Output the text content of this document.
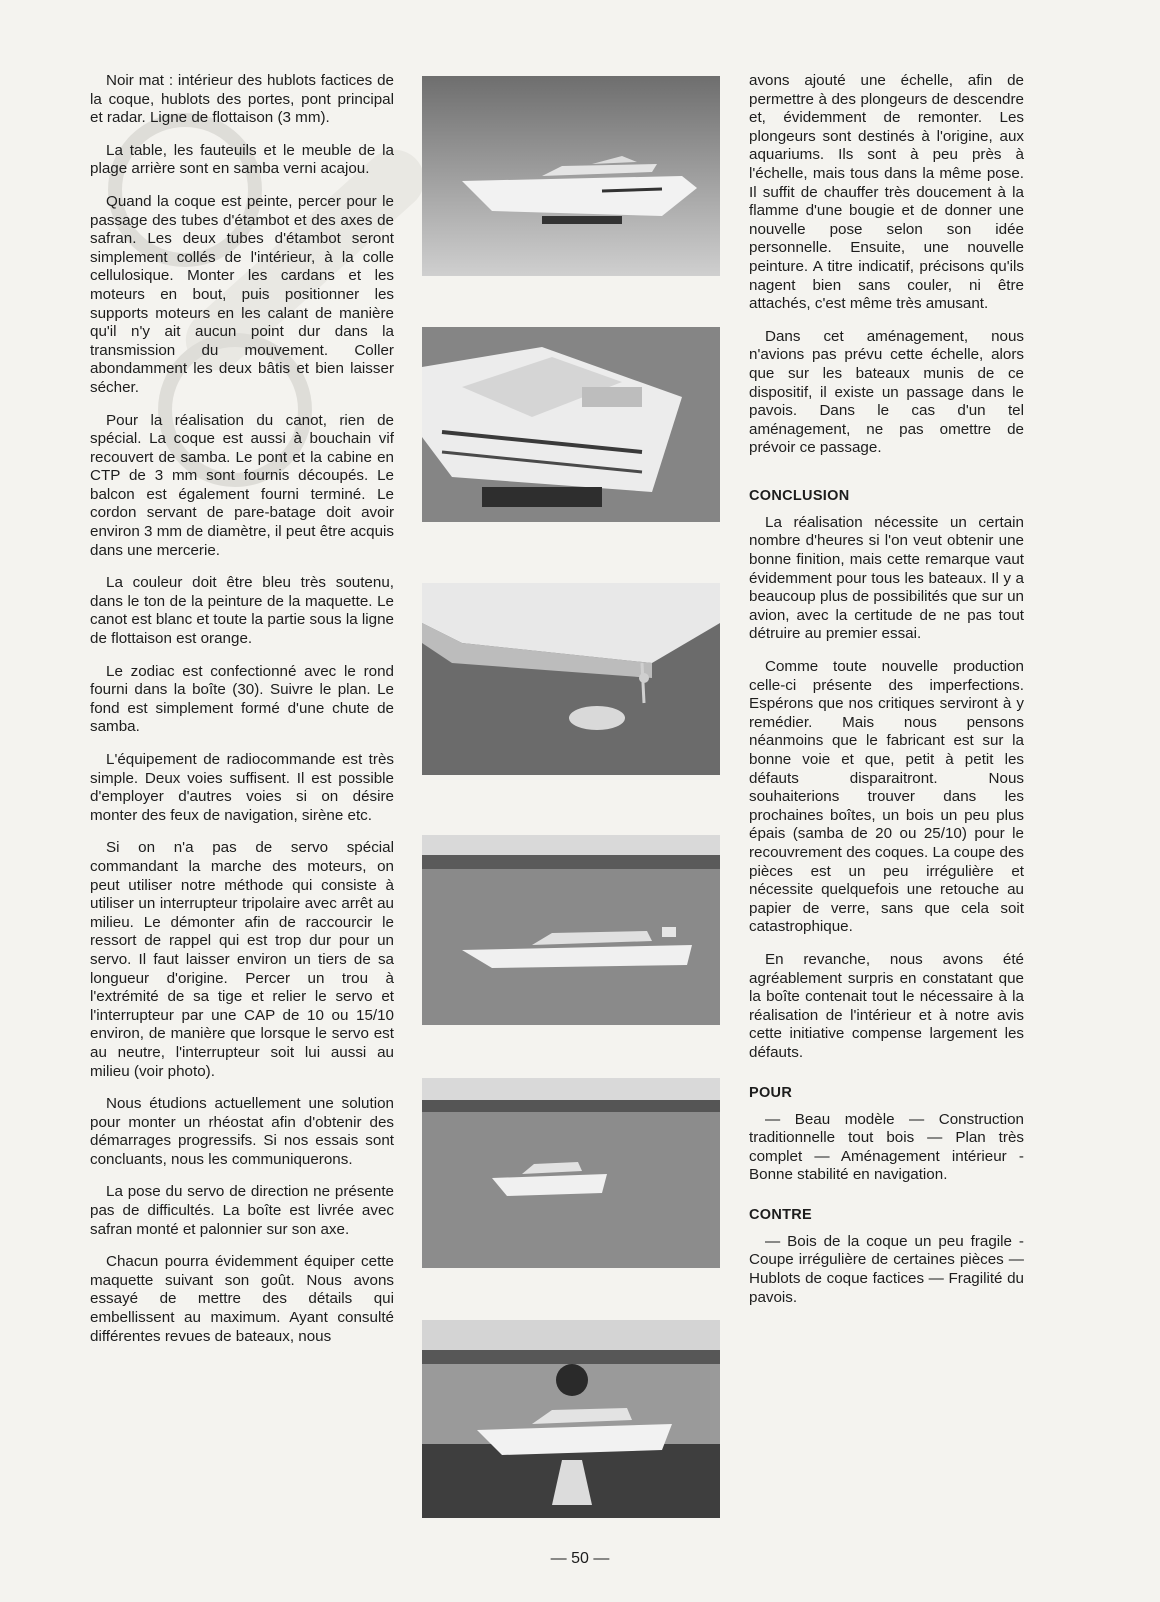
Noir mat : intérieur des hublots factices de la coque, hublots des portes, pont principal et radar. Ligne de flottaison (3 mm).

La table, les fauteuils et le meuble de la plage arrière sont en samba verni acajou.

Quand la coque est peinte, percer pour le passage des tubes d'étambot et des axes de safran. Les deux tubes d'étambot seront simplement collés de l'intérieur, à la colle cellulosique. Monter les cardans et les moteurs en bout, puis positionner les supports moteurs en les calant de manière qu'il n'y ait aucun point dur dans la transmission du mouvement. Coller abondamment les deux bâtis et bien laisser sécher.

Pour la réalisation du canot, rien de spécial. La coque est aussi à bouchain vif recouvert de samba. Le pont et la cabine en CTP de 3 mm sont fournis découpés. Le balcon est également fourni terminé. Le cordon servant de pare-batage doit avoir environ 3 mm de diamètre, il peut être acquis dans une mercerie.

La couleur doit être bleu très soutenu, dans le ton de la peinture de la maquette. Le canot est blanc et toute la partie sous la ligne de flottaison est orange.

Le zodiac est confectionné avec le rond fourni dans la boîte (30). Suivre le plan. Le fond est simplement formé d'une chute de samba.

L'équipement de radiocommande est très simple. Deux voies suffisent. Il est possible d'employer d'autres voies si on désire monter des feux de navigation, sirène etc.

Si on n'a pas de servo spécial commandant la marche des moteurs, on peut utiliser notre méthode qui consiste à utiliser un interrupteur tripolaire avec arrêt au milieu. Le démonter afin de raccourcir le ressort de rappel qui est trop dur pour un servo. Il faut laisser environ un tiers de sa longueur d'origine. Percer un trou à l'extrémité de sa tige et relier le servo et l'interrupteur par une CAP de 10 ou 15/10 environ, de manière que lorsque le servo est au neutre, l'interrupteur soit lui aussi au milieu (voir photo).

Nous étudions actuellement une solution pour monter un rhéostat afin d'obtenir des démarrages progressifs. Si nos essais sont concluants, nous les communiquerons.

La pose du servo de direction ne présente pas de difficultés. La boîte est livrée avec safran monté et palonnier sur son axe.

Chacun pourra évidemment équiper cette maquette suivant son goût. Nous avons essayé de mettre des détails qui embellissent au maximum. Ayant consulté différentes revues de bateaux, nous

avons ajouté une échelle, afin de permettre à des plongeurs de descendre et, évidemment de remonter. Les plongeurs sont destinés à l'origine, aux aquariums. Ils sont à peu près à l'échelle, mais tous dans la même pose. Il suffit de chauffer très doucement à la flamme d'une bougie et de donner une nouvelle pose selon son idée personnelle. Ensuite, une nouvelle peinture. A titre indicatif, précisons qu'ils nagent bien sans couler, ni être attachés, c'est même très amusant.

Dans cet aménagement, nous n'avions pas prévu cette échelle, alors que sur les bateaux munis de ce dispositif, il existe un passage dans le pavois. Dans le cas d'un tel aménagement, ne pas omettre de prévoir ce passage.

CONCLUSION

La réalisation nécessite un certain nombre d'heures si l'on veut obtenir une bonne finition, mais cette remarque vaut évidemment pour tous les bateaux. Il y a beaucoup plus de possibilités que sur un avion, avec la certitude de ne pas tout détruire au premier essai.

Comme toute nouvelle production celle-ci présente des imperfections. Espérons que nos critiques serviront à y remédier. Mais nous pensons néanmoins que le fabricant est sur la bonne voie et que, petit à petit les défauts disparaitront. Nous souhaiterions trouver dans les prochaines boîtes, un bois un peu plus épais (samba de 20 ou 25/10) pour le recouvrement des coques. La coupe des pièces est un peu irrégulière et nécessite quelquefois une retouche au papier de verre, sans que cela soit catastrophique.

En revanche, nous avons été agréablement surpris en constatant que la boîte contenait tout le nécessaire à la réalisation de l'intérieur et à notre avis cette initiative compense largement les défauts.

POUR

— Beau modèle — Construction traditionnelle tout bois — Plan très complet — Aménagement intérieur - Bonne stabilité en navigation.

CONTRE

— Bois de la coque un peu fragile - Coupe irrégulière de certaines pièces — Hublots de coque factices — Fragilité du pavois.

— 50 —
